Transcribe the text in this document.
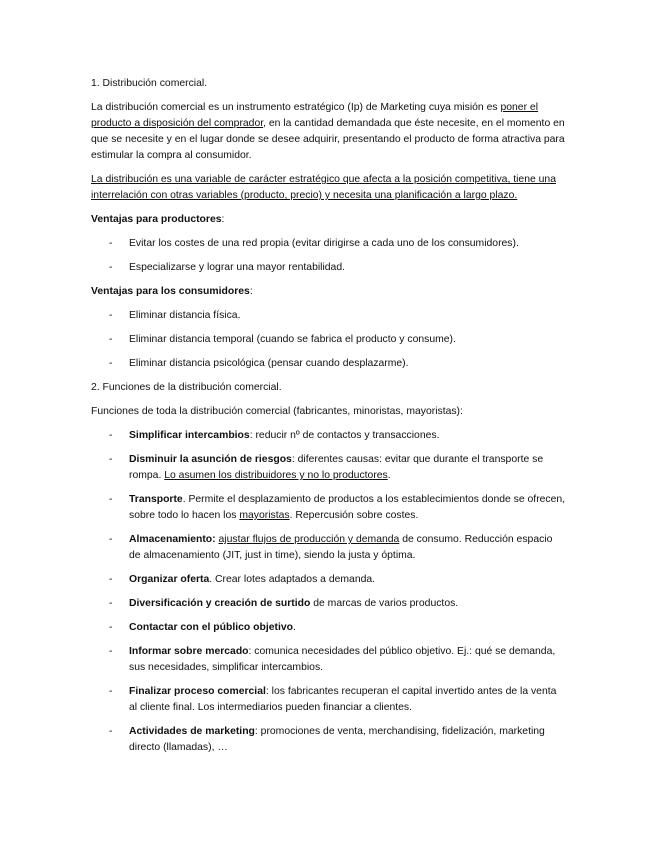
1. Distribución comercial.

La distribución comercial es un instrumento estratégico (Ip) de Marketing cuya misión es poner el producto a disposición del comprador, en la cantidad demandada que éste necesite, en el momento en que se necesite y en el lugar donde se desee adquirir, presentando el producto de forma atractiva para estimular la compra al consumidor.

La distribución es una variable de carácter estratégico que afecta a la posición competitiva, tiene una interrelación con otras variables (producto, precio) y necesita una planificación a largo plazo.

Ventajas para productores:

- Evitar los costes de una red propia (evitar dirigirse a cada uno de los consumidores).
- Especializarse y lograr una mayor rentabilidad.

Ventajas para los consumidores:

- Eliminar distancia física.
- Eliminar distancia temporal (cuando se fabrica el producto y consume).
- Eliminar distancia psicológica (pensar cuando desplazarme).

2. Funciones de la distribución comercial.

Funciones de toda la distribución comercial (fabricantes, minoristas, mayoristas):

- Simplificar intercambios: reducir nº de contactos y transacciones.
- Disminuir la asunción de riesgos: diferentes causas: evitar que durante el transporte se rompa. Lo asumen los distribuidores y no lo productores.
- Transporte. Permite el desplazamiento de productos a los establecimientos donde se ofrecen, sobre todo lo hacen los mayoristas. Repercusión sobre costes.
- Almacenamiento: ajustar flujos de producción y demanda de consumo. Reducción espacio de almacenamiento (JIT, just in time), siendo la justa y óptima.
- Organizar oferta. Crear lotes adaptados a demanda.
- Diversificación y creación de surtido de marcas de varios productos.
- Contactar con el público objetivo.
- Informar sobre mercado: comunica necesidades del público objetivo. Ej.: qué se demanda, sus necesidades, simplificar intercambios.
- Finalizar proceso comercial: los fabricantes recuperan el capital invertido antes de la venta al cliente final. Los intermediarios pueden financiar a clientes.
- Actividades de marketing: promociones de venta, merchandising, fidelización, marketing directo (llamadas), …
